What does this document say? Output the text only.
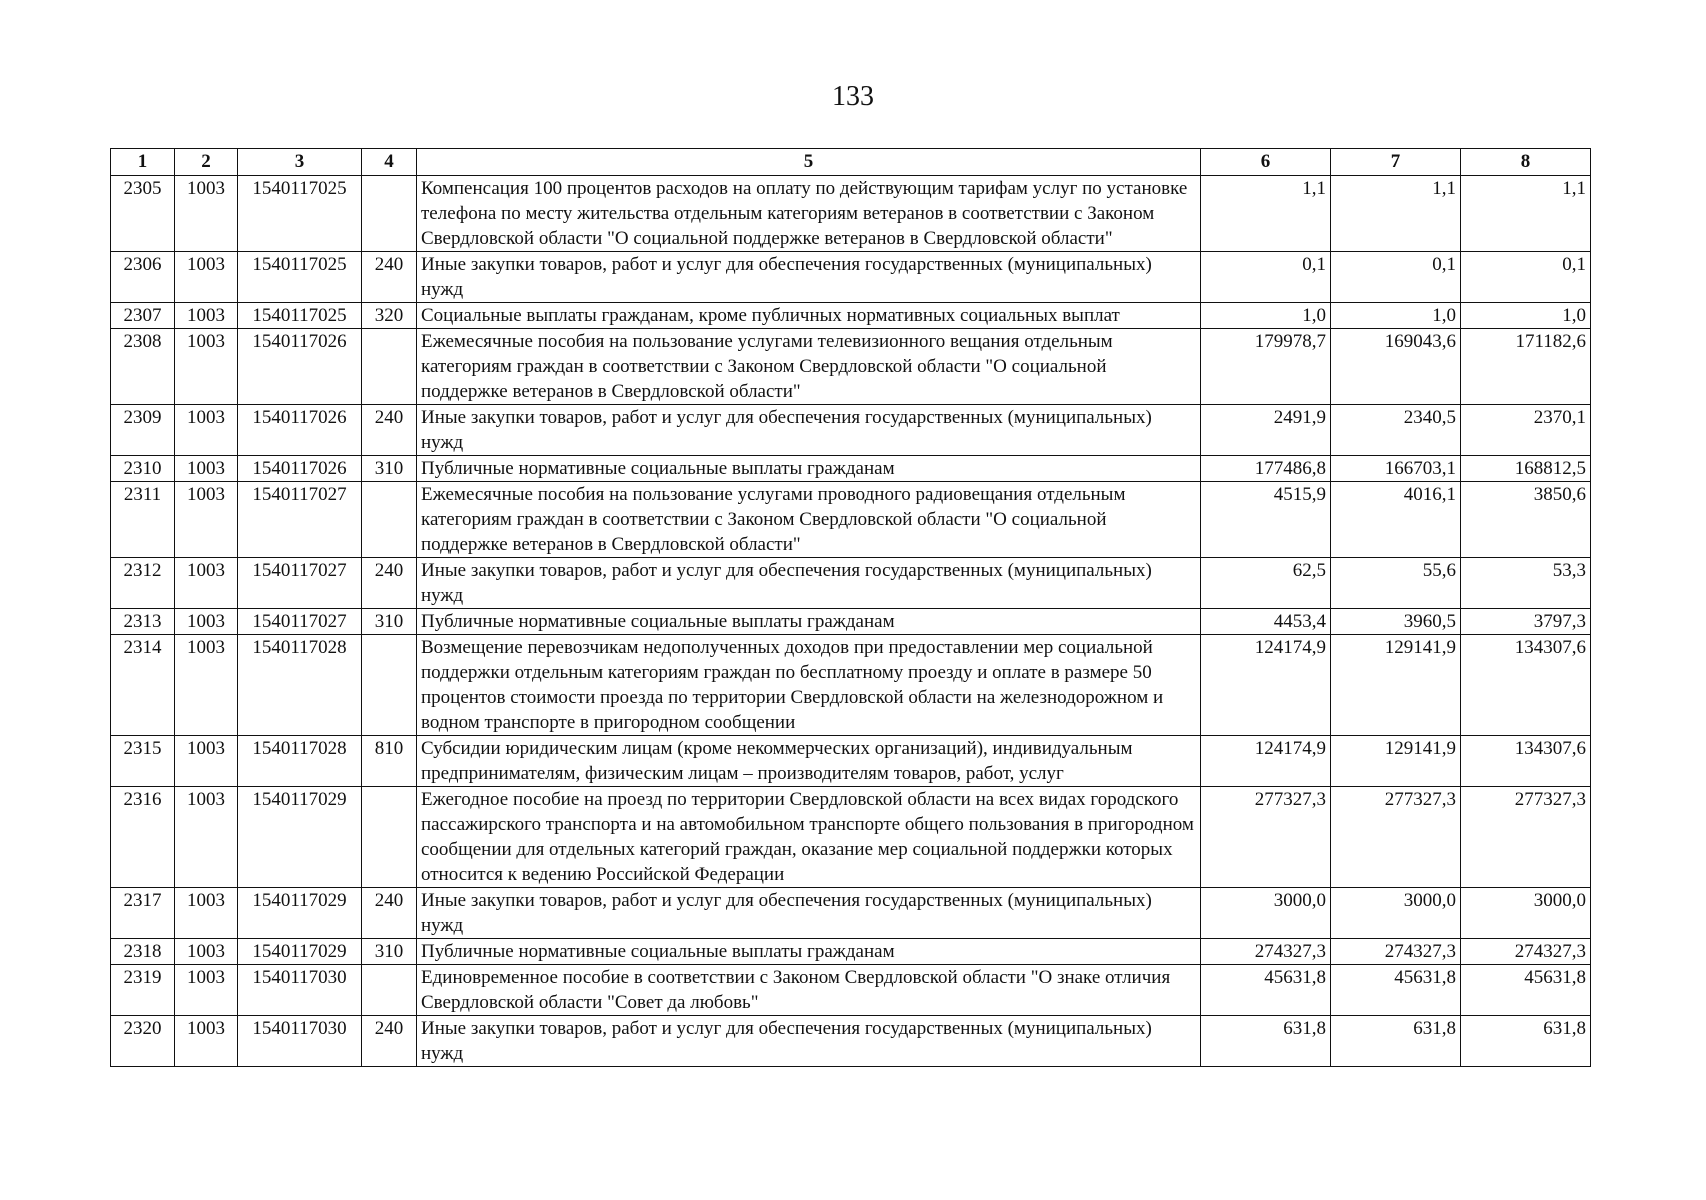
133
1	2	3	4	5	6	7	8
2305	1003	1540117025		Компенсация 100 процентов расходов на оплату по действующим тарифам услуг по установке телефона по месту жительства отдельным категориям ветеранов в соответствии с Законом Свердловской области "О социальной поддержке ветеранов в Свердловской области"	1,1	1,1	1,1
2306	1003	1540117025	240	Иные закупки товаров, работ и услуг для обеспечения государственных (муниципальных) нужд	0,1	0,1	0,1
2307	1003	1540117025	320	Социальные выплаты гражданам, кроме публичных нормативных социальных выплат	1,0	1,0	1,0
2308	1003	1540117026		Ежемесячные пособия на пользование услугами телевизионного вещания отдельным категориям граждан в соответствии с Законом Свердловской области "О социальной поддержке ветеранов в Свердловской области"	179978,7	169043,6	171182,6
2309	1003	1540117026	240	Иные закупки товаров, работ и услуг для обеспечения государственных (муниципальных) нужд	2491,9	2340,5	2370,1
2310	1003	1540117026	310	Публичные нормативные социальные выплаты гражданам	177486,8	166703,1	168812,5
2311	1003	1540117027		Ежемесячные пособия на пользование услугами проводного радиовещания отдельным категориям граждан в соответствии с Законом Свердловской области "О социальной поддержке ветеранов в Свердловской области"	4515,9	4016,1	3850,6
2312	1003	1540117027	240	Иные закупки товаров, работ и услуг для обеспечения государственных (муниципальных) нужд	62,5	55,6	53,3
2313	1003	1540117027	310	Публичные нормативные социальные выплаты гражданам	4453,4	3960,5	3797,3
2314	1003	1540117028		Возмещение перевозчикам недополученных доходов при предоставлении мер социальной поддержки отдельным категориям граждан по бесплатному проезду и оплате в размере 50 процентов стоимости проезда по территории Свердловской области на железнодорожном и водном транспорте в пригородном сообщении	124174,9	129141,9	134307,6
2315	1003	1540117028	810	Субсидии юридическим лицам (кроме некоммерческих организаций), индивидуальным предпринимателям, физическим лицам – производителям товаров, работ, услуг	124174,9	129141,9	134307,6
2316	1003	1540117029		Ежегодное пособие на проезд по территории Свердловской области на всех видах городского пассажирского транспорта и на автомобильном транспорте общего пользования в пригородном сообщении для отдельных категорий граждан, оказание мер социальной поддержки которых относится к ведению Российской Федерации	277327,3	277327,3	277327,3
2317	1003	1540117029	240	Иные закупки товаров, работ и услуг для обеспечения государственных (муниципальных) нужд	3000,0	3000,0	3000,0
2318	1003	1540117029	310	Публичные нормативные социальные выплаты гражданам	274327,3	274327,3	274327,3
2319	1003	1540117030		Единовременное пособие в соответствии с Законом Свердловской области "О знаке отличия Свердловской области "Совет да любовь"	45631,8	45631,8	45631,8
2320	1003	1540117030	240	Иные закупки товаров, работ и услуг для обеспечения государственных (муниципальных) нужд	631,8	631,8	631,8
